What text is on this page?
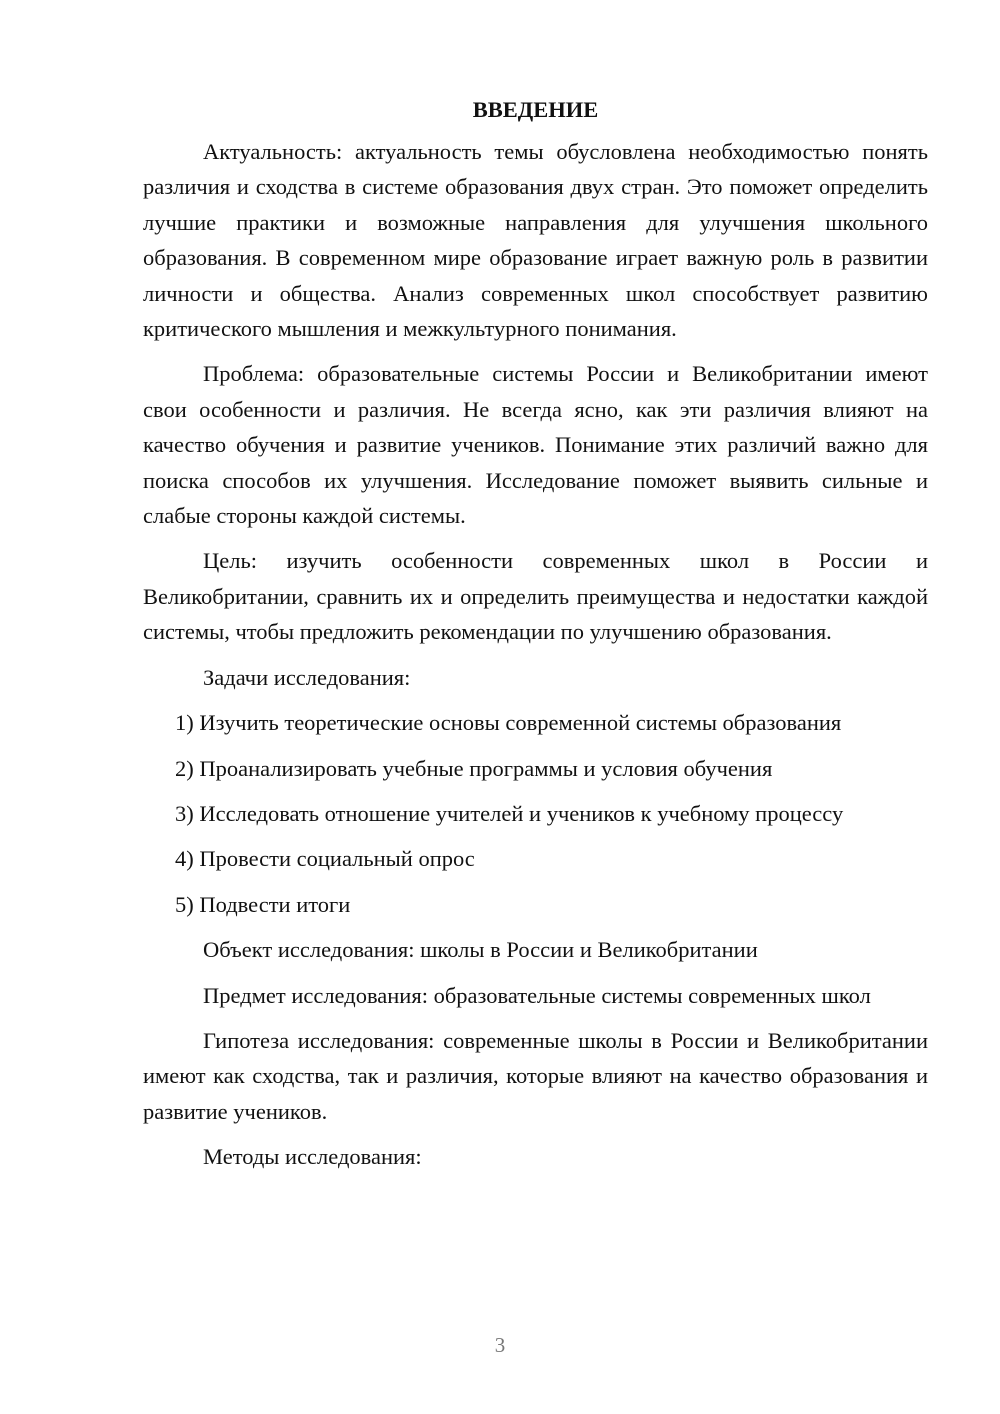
ВВЕДЕНИЕ

Актуальность: актуальность темы обусловлена необходимостью понять различия и сходства в системе образования двух стран. Это поможет определить лучшие практики и возможные направления для улучшения школьного образования. В современном мире образование играет важную роль в развитии личности и общества. Анализ современных школ способствует развитию критического мышления и межкультурного понимания.

Проблема: образовательные системы России и Великобритании имеют свои особенности и различия. Не всегда ясно, как эти различия влияют на качество обучения и развитие учеников. Понимание этих различий важно для поиска способов их улучшения. Исследование поможет выявить сильные и слабые стороны каждой системы.

Цель: изучить особенности современных школ в России и Великобритании, сравнить их и определить преимущества и недостатки каждой системы, чтобы предложить рекомендации по улучшению образования.

Задачи исследования:

1) Изучить теоретические основы современной системы образования
2) Проанализировать учебные программы и условия обучения
3) Исследовать отношение учителей и учеников к учебному процессу
4) Провести социальный опрос
5) Подвести итоги

Объект исследования: школы в России и Великобритании

Предмет исследования: образовательные системы современных школ

Гипотеза исследования: современные школы в России и Великобритании имеют как сходства, так и различия, которые влияют на качество образования и развитие учеников.

Методы исследования:

3
